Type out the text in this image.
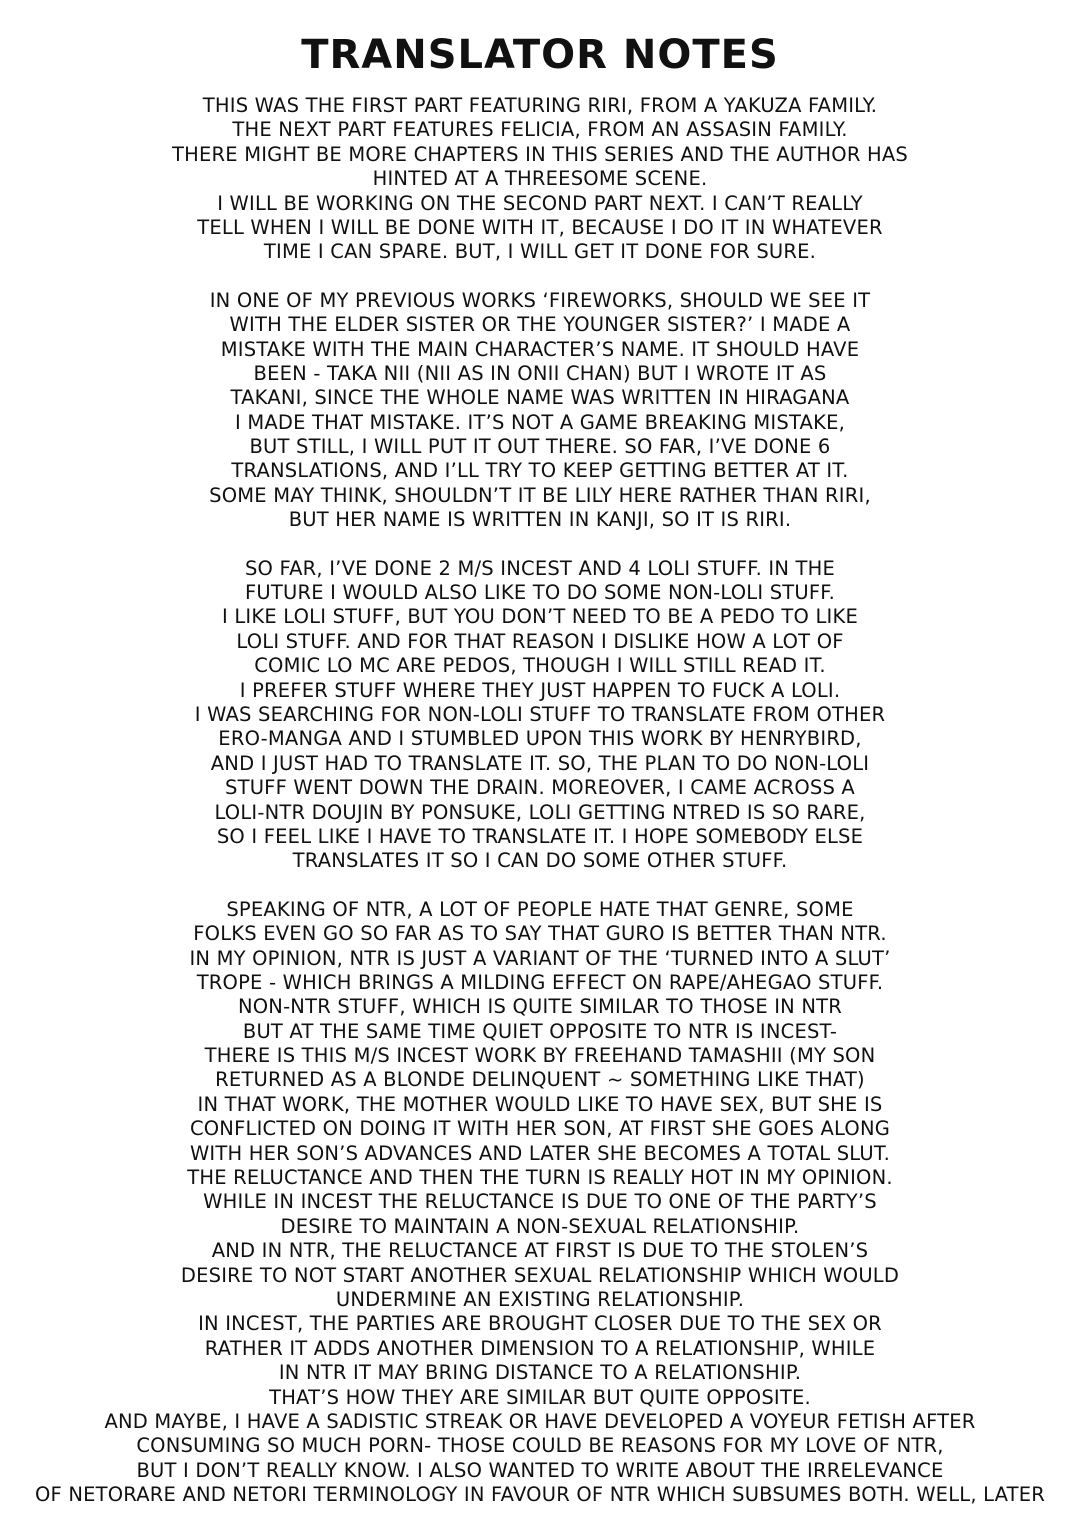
TRANSLATOR NOTES
THIS WAS THE FIRST PART FEATURING RIRI, FROM A YAKUZA FAMILY.
THE NEXT PART FEATURES FELICIA, FROM AN ASSASIN FAMILY.
THERE MIGHT BE MORE CHAPTERS IN THIS SERIES AND THE AUTHOR HAS
HINTED AT A THREESOME SCENE.
I WILL BE WORKING ON THE SECOND PART NEXT. I CAN’T REALLY
TELL WHEN I WILL BE DONE WITH IT, BECAUSE I DO IT IN WHATEVER
TIME I CAN SPARE. BUT, I WILL GET IT DONE FOR SURE.
IN ONE OF MY PREVIOUS WORKS ‘FIREWORKS, SHOULD WE SEE IT
WITH THE ELDER SISTER OR THE YOUNGER SISTER?’ I MADE A
MISTAKE WITH THE MAIN CHARACTER’S NAME. IT SHOULD HAVE
BEEN - TAKA NII (NII AS IN ONII CHAN) BUT I WROTE IT AS
TAKANI, SINCE THE WHOLE NAME WAS WRITTEN IN HIRAGANA
I MADE THAT MISTAKE. IT’S NOT A GAME BREAKING MISTAKE,
BUT STILL, I WILL PUT IT OUT THERE. SO FAR, I’VE DONE 6
TRANSLATIONS, AND I’LL TRY TO KEEP GETTING BETTER AT IT.
SOME MAY THINK, SHOULDN’T IT BE LILY HERE RATHER THAN RIRI,
BUT HER NAME IS WRITTEN IN KANJI, SO IT IS RIRI.
SO FAR, I’VE DONE 2 M/S INCEST AND 4 LOLI STUFF. IN THE
FUTURE I WOULD ALSO LIKE TO DO SOME NON-LOLI STUFF.
I LIKE LOLI STUFF, BUT YOU DON’T NEED TO BE A PEDO TO LIKE
LOLI STUFF. AND FOR THAT REASON I DISLIKE HOW A LOT OF
COMIC LO MC ARE PEDOS, THOUGH I WILL STILL READ IT.
I PREFER STUFF WHERE THEY JUST HAPPEN TO FUCK A LOLI.
I WAS SEARCHING FOR NON-LOLI STUFF TO TRANSLATE FROM OTHER
ERO-MANGA AND I STUMBLED UPON THIS WORK BY HENRYBIRD,
AND I JUST HAD TO TRANSLATE IT. SO, THE PLAN TO DO NON-LOLI
STUFF WENT DOWN THE DRAIN. MOREOVER, I CAME ACROSS A
LOLI-NTR DOUJIN BY PONSUKE, LOLI GETTING NTRED IS SO RARE,
SO I FEEL LIKE I HAVE TO TRANSLATE IT. I HOPE SOMEBODY ELSE
TRANSLATES IT SO I CAN DO SOME OTHER STUFF.
SPEAKING OF NTR, A LOT OF PEOPLE HATE THAT GENRE, SOME
FOLKS EVEN GO SO FAR AS TO SAY THAT GURO IS BETTER THAN NTR.
IN MY OPINION, NTR IS JUST A VARIANT OF THE ‘TURNED INTO A SLUT’
TROPE - WHICH BRINGS A MILDING EFFECT ON RAPE/AHEGAO STUFF.
NON-NTR STUFF, WHICH IS QUITE SIMILAR TO THOSE IN NTR
BUT AT THE SAME TIME QUIET OPPOSITE TO NTR IS INCEST-
THERE IS THIS M/S INCEST WORK BY FREEHAND TAMASHII (MY SON
RETURNED AS A BLONDE DELINQUENT ~ SOMETHING LIKE THAT)
IN THAT WORK, THE MOTHER WOULD LIKE TO HAVE SEX, BUT SHE IS
CONFLICTED ON DOING IT WITH HER SON, AT FIRST SHE GOES ALONG
WITH HER SON’S ADVANCES AND LATER SHE BECOMES A TOTAL SLUT.
THE RELUCTANCE AND THEN THE TURN IS REALLY HOT IN MY OPINION.
WHILE IN INCEST THE RELUCTANCE IS DUE TO ONE OF THE PARTY’S
DESIRE TO MAINTAIN A NON-SEXUAL RELATIONSHIP.
AND IN NTR, THE RELUCTANCE AT FIRST IS DUE TO THE STOLEN’S
DESIRE TO NOT START ANOTHER SEXUAL RELATIONSHIP WHICH WOULD
UNDERMINE AN EXISTING RELATIONSHIP.
IN INCEST, THE PARTIES ARE BROUGHT CLOSER DUE TO THE SEX OR
RATHER IT ADDS ANOTHER DIMENSION TO A RELATIONSHIP, WHILE
IN NTR IT MAY BRING DISTANCE TO A RELATIONSHIP.
THAT’S HOW THEY ARE SIMILAR BUT QUITE OPPOSITE.
AND MAYBE, I HAVE A SADISTIC STREAK OR HAVE DEVELOPED A VOYEUR FETISH AFTER
CONSUMING SO MUCH PORN- THOSE COULD BE REASONS FOR MY LOVE OF NTR,
BUT I DON’T REALLY KNOW. I ALSO WANTED TO WRITE ABOUT THE IRRELEVANCE
OF NETORARE AND NETORI TERMINOLOGY IN FAVOUR OF NTR WHICH SUBSUMES BOTH. WELL, LATER
